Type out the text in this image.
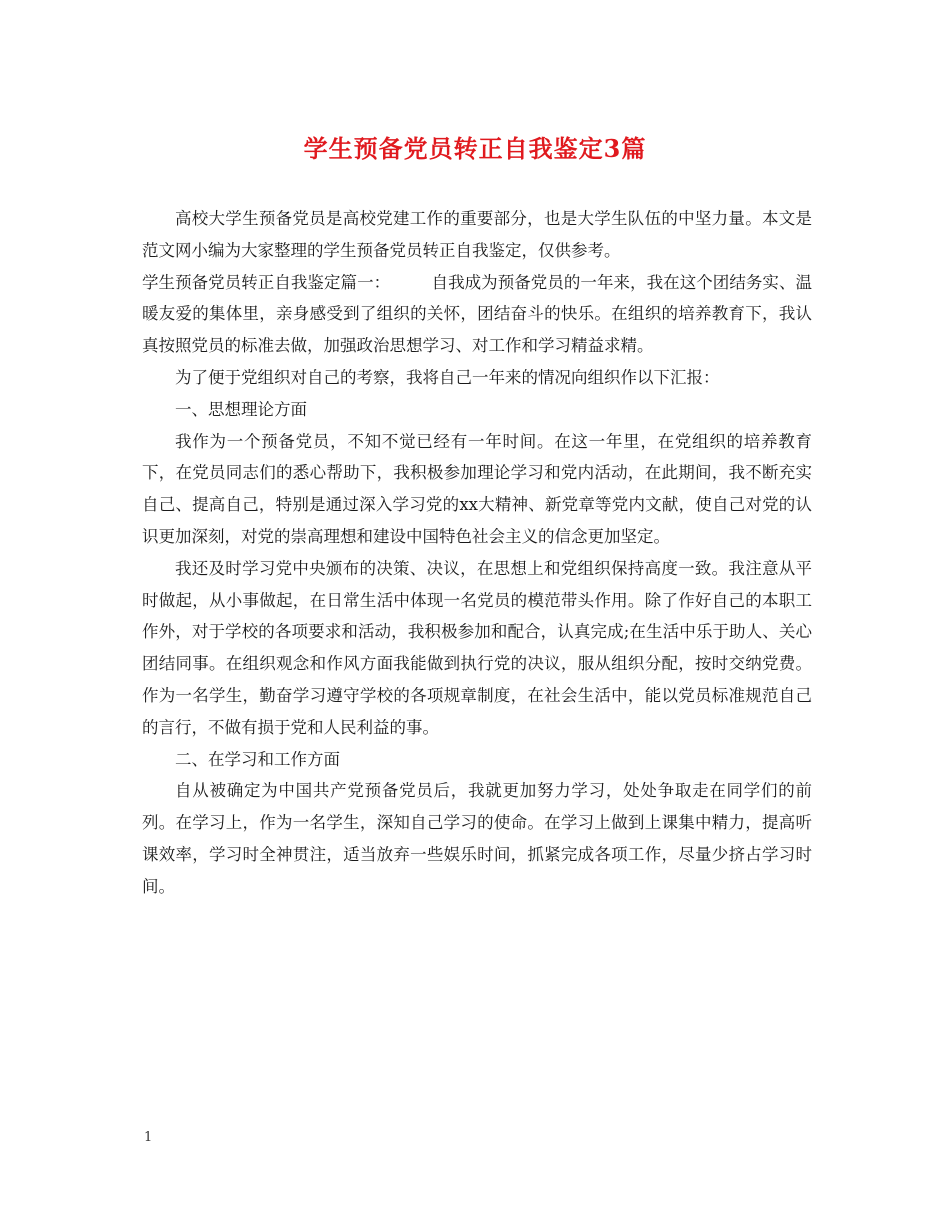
学生预备党员转正自我鉴定3篇

高校大学生预备党员是高校党建工作的重要部分，也是大学生队伍的中坚力量。本文是范文网小编为大家整理的学生预备党员转正自我鉴定，仅供参考。

学生预备党员转正自我鉴定篇一：　　　自我成为预备党员的一年来，我在这个团结务实、温暖友爱的集体里，亲身感受到了组织的关怀，团结奋斗的快乐。在组织的培养教育下，我认真按照党员的标准去做，加强政治思想学习、对工作和学习精益求精。

为了便于党组织对自己的考察，我将自己一年来的情况向组织作以下汇报：

一、思想理论方面

我作为一个预备党员，不知不觉已经有一年时间。在这一年里，在党组织的培养教育下，在党员同志们的悉心帮助下，我积极参加理论学习和党内活动，在此期间，我不断充实自己、提高自己，特别是通过深入学习党的xx大精神、新党章等党内文献，使自己对党的认识更加深刻，对党的崇高理想和建设中国特色社会主义的信念更加坚定。

我还及时学习党中央颁布的决策、决议，在思想上和党组织保持高度一致。我注意从平时做起，从小事做起，在日常生活中体现一名党员的模范带头作用。除了作好自己的本职工作外，对于学校的各项要求和活动，我积极参加和配合，认真完成;在生活中乐于助人、关心团结同事。在组织观念和作风方面我能做到执行党的决议，服从组织分配，按时交纳党费。作为一名学生，勤奋学习遵守学校的各项规章制度，在社会生活中，能以党员标准规范自己的言行，不做有损于党和人民利益的事。

二、在学习和工作方面

自从被确定为中国共产党预备党员后，我就更加努力学习，处处争取走在同学们的前列。在学习上，作为一名学生，深知自己学习的使命。在学习上做到上课集中精力，提高听课效率，学习时全神贯注，适当放弃一些娱乐时间，抓紧完成各项工作，尽量少挤占学习时间。

1
